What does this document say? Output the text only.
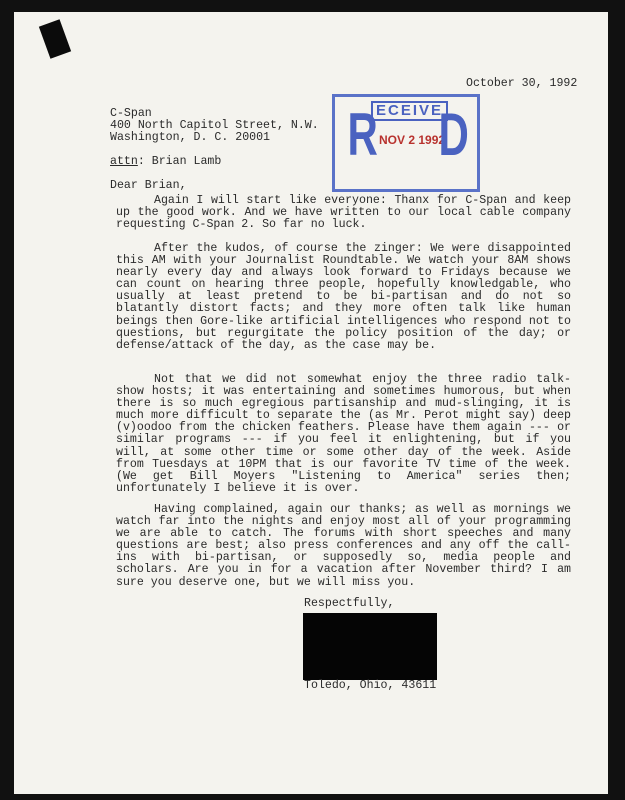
October 30, 1992

C-Span

400 North Capitol Street, N.W.

Washington, D. C. 20001

attn: Brian Lamb

Dear Brian,

R
ECEIVE
NOV 2 1992
D

Again I will start like everyone: Thanx for C-Span and keep up the good work. And we have written to our local cable company requesting C-Span 2. So far no luck.

After the kudos, of course the zinger: We were disappointed this AM with your Journalist Roundtable. We watch your 8AM shows nearly every day and always look forward to Fridays because we can count on hearing three people, hopefully knowledgable, who usually at least pretend to be bi-partisan and do not so blatantly distort facts; and they more often talk like human beings then Gore-like artificial intelligences who respond not to questions, but regurgitate the policy position of the day; or defense/attack of the day, as the case may be.

Not that we did not somewhat enjoy the three radio talk-show hosts; it was entertaining and sometimes humorous, but when there is so much egregious partisanship and mud-slinging, it is much more difficult to separate the (as Mr. Perot might say) deep (v)oodoo from the chicken feathers. Please have them again --- or similar programs --- if you feel it enlightening, but if you will, at some other time or some other day of the week. Aside from Tuesdays at 10PM that is our favorite TV time of the week. (We get Bill Moyers "Listening to America" series then; unfortunately I believe it is over.

Having complained, again our thanks; as well as mornings we watch far into the nights and enjoy most all of your programming we are able to catch. The forums with short speeches and many questions are best; also press conferences and any off the call-ins with bi-partisan, or supposedly so, media people and scholars. Are you in for a vacation after November third? I am sure you deserve one, but we will miss you.

Respectfully,

Toledo, Ohio, 43611
